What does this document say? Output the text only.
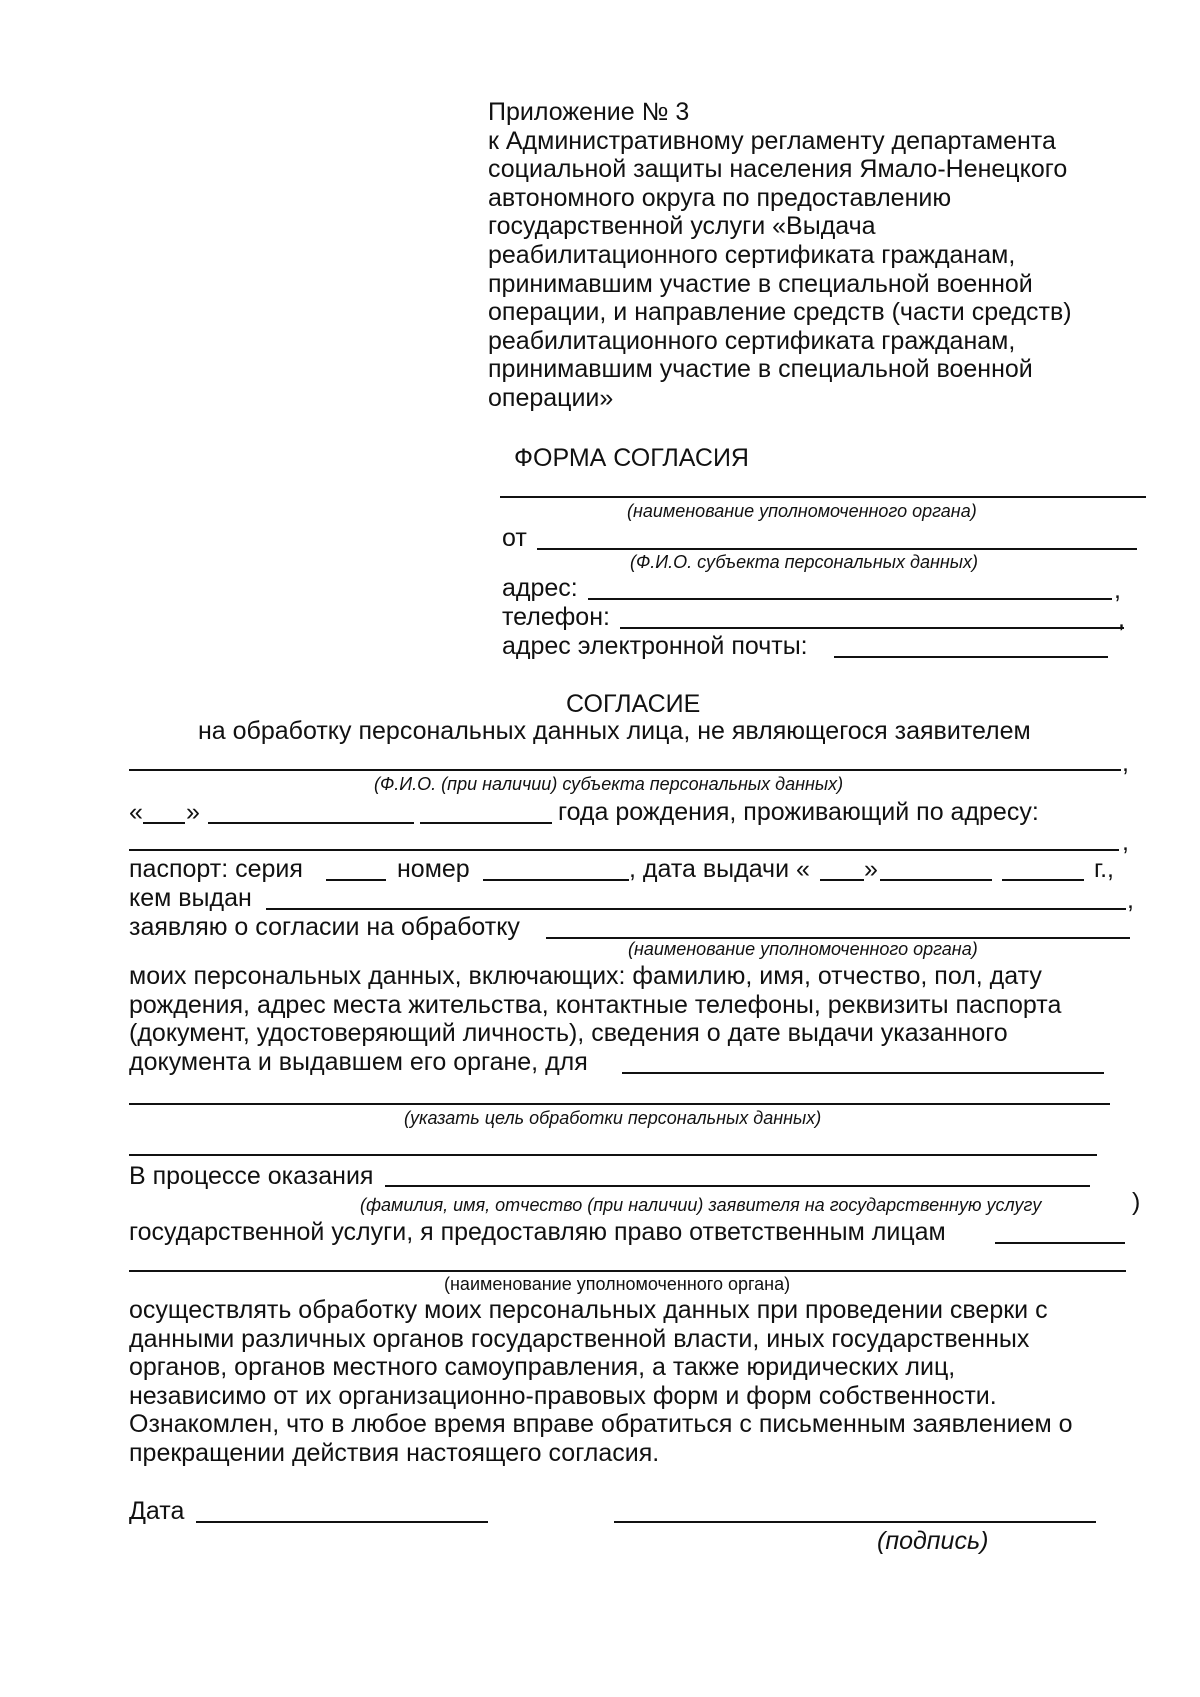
Приложение № 3
к Административному регламенту департамента
социальной защиты населения Ямало-Ненецкого
автономного округа по предоставлению
государственной услуги «Выдача
реабилитационного сертификата гражданам,
принимавшим участие в специальной военной
операции, и направление средств (части средств)
реабилитационного сертификата гражданам,
принимавшим участие в специальной военной
операции»
ФОРМА СОГЛАСИЯ
(наименование уполномоченного органа)
от
(Ф.И.О. субъекта персональных данных)
адрес:	,
телефон:	,
адрес электронной почты:
СОГЛАСИЕ
на обработку персональных данных лица, не являющегося заявителем
,
(Ф.И.О. (при наличии) субъекта персональных данных)
« »	года рождения, проживающий по адресу:
,
паспорт: серия	номер	, дата выдачи « »	г.,
кем выдан	,
заявляю о согласии на обработку
(наименование уполномоченного органа)
моих персональных данных, включающих: фамилию, имя, отчество, пол, дату
рождения, адрес места жительства, контактные телефоны, реквизиты паспорта
(документ, удостоверяющий личность), сведения о дате выдачи указанного
документа и выдавшем его органе, для
(указать цель обработки персональных данных)
В процессе оказания
(фамилия, имя, отчество (при наличии) заявителя на государственную услугу	)
государственной услуги, я предоставляю право ответственным лицам
(наименование уполномоченного органа)
осуществлять обработку моих персональных данных при проведении сверки с
данными различных органов государственной власти, иных государственных
органов, органов местного самоуправления, а также юридических лиц,
независимо от их организационно-правовых форм и форм собственности.
Ознакомлен, что в любое время вправе обратиться с письменным заявлением о
прекращении действия настоящего согласия.
Дата
(подпись)
